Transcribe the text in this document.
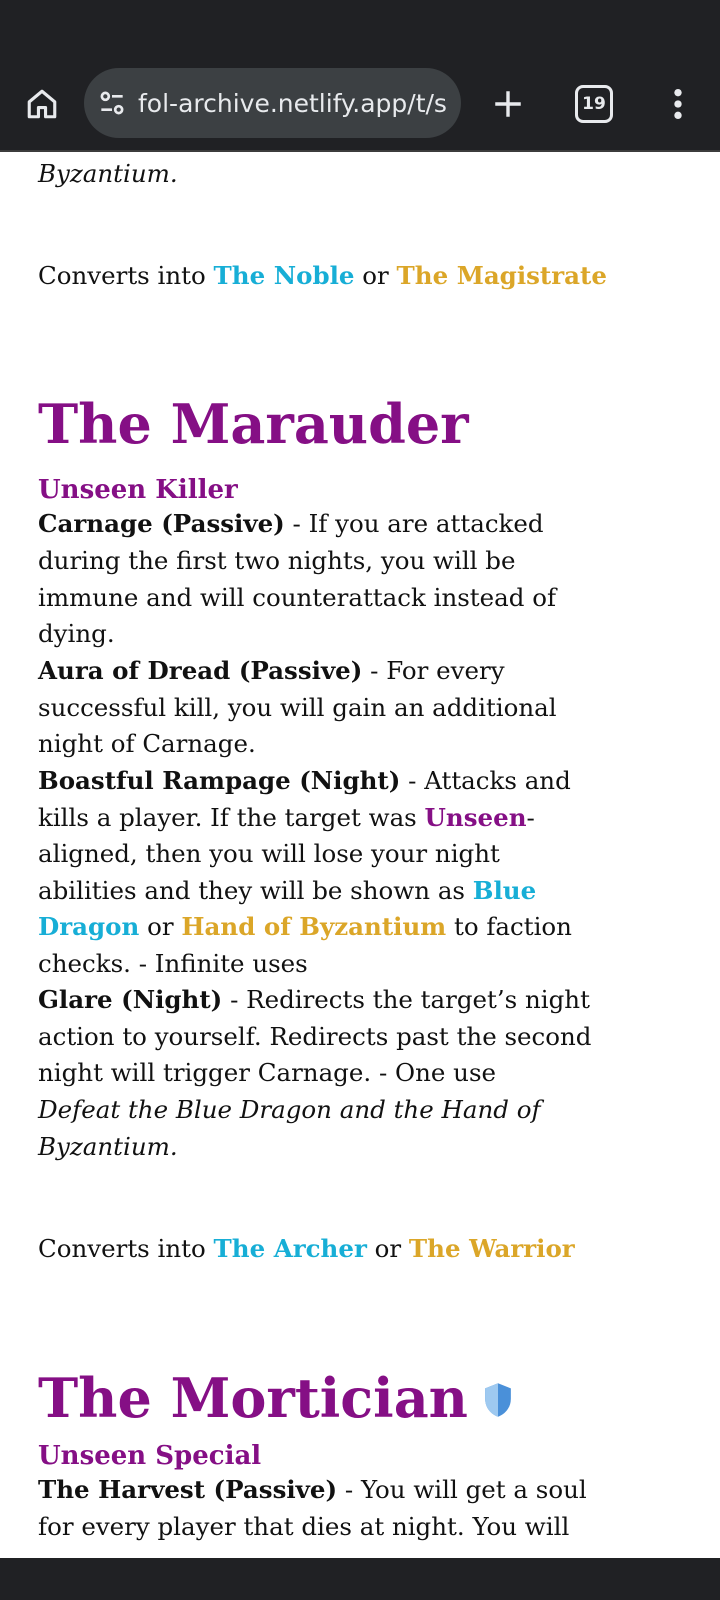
fol-archive.netlify.app/t/s	19
Byzantium.
Converts into The Noble or The Magistrate
The Marauder
Unseen Killer
Carnage (Passive) - If you are attacked
during the first two nights, you will be
immune and will counterattack instead of
dying.
Aura of Dread (Passive) - For every
successful kill, you will gain an additional
night of Carnage.
Boastful Rampage (Night) - Attacks and
kills a player. If the target was Unseen-
aligned, then you will lose your night
abilities and they will be shown as Blue
Dragon or Hand of Byzantium to faction
checks. - Infinite uses
Glare (Night) - Redirects the target’s night
action to yourself. Redirects past the second
night will trigger Carnage. - One use
Defeat the Blue Dragon and the Hand of
Byzantium.
Converts into The Archer or The Warrior
The Mortician
Unseen Special
The Harvest (Passive) - You will get a soul
for every player that dies at night. You will
